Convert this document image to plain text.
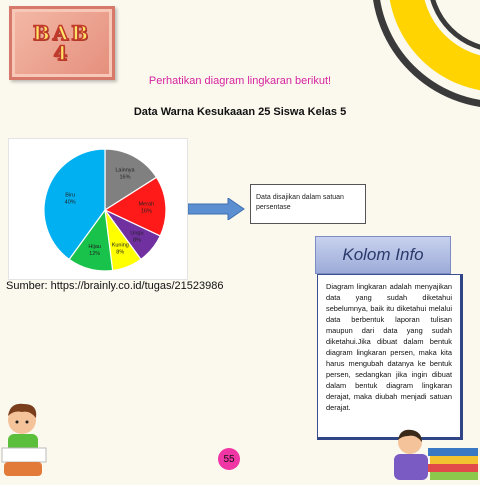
BAB
4
Perhatikan diagram lingkaran berikut!
Data Warna Kesukaaan 25 Siswa Kelas 5
Lainnya
16%
Merah
16%
Ungu
8%
Kuning
8%
Hijau
12%
Biru
40%
Sumber: https://brainly.co.id/tugas/21523986
Data disajikan dalam satuan persentase

Diagram lingkaran adalah menyajikan data yang sudah diketahui sebelumnya, baik itu diketahui melalui data berbentuk laporan tulisan maupun dari data yang sudah diketahui.Jika dibuat dalam bentuk diagram lingkaran persen, maka kita harus mengubah datanya ke bentuk persen, sedangkan jika ingin dibuat dalam bentuk diagram lingkaran derajat, maka diubah menjadi satuan derajat.

Kolom Info
55
